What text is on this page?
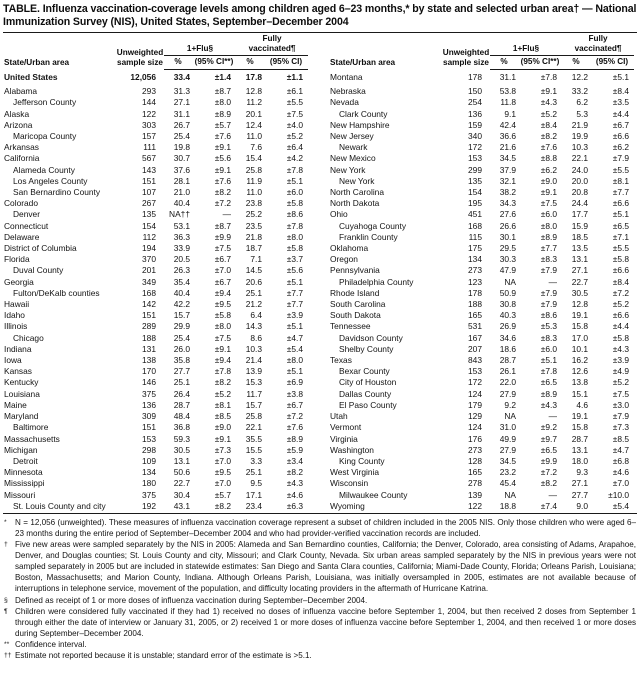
TABLE. Influenza vaccination-coverage levels among children aged 6–23 months,* by state and selected urban area† — National Immunization Survey (NIS), United States, September–December 2004
State/Urban area	Unweighted sample size	1+Flu§		Fully vaccinated¶	
		%	(95% CI**)	%	(95% CI)
United States	12,056	33.4	±1.4	17.8	±1.1
Alabama	293	31.3	±8.7	12.8	±6.1
Jefferson County	144	27.1	±8.0	11.2	±5.5
Alaska	122	31.1	±8.9	20.1	±7.5
Arizona	303	26.7	±5.7	12.4	±4.0
Maricopa County	157	25.4	±7.6	11.0	±5.2
Arkansas	111	19.8	±9.1	7.6	±6.4
California	567	30.7	±5.6	15.4	±4.2
Alameda County	143	37.6	±9.1	25.8	±7.8
Los Angeles County	151	28.1	±7.6	11.9	±5.1
San Bernardino County	107	21.0	±8.2	11.0	±6.0
Colorado	267	40.4	±7.2	23.8	±5.8
Denver	135	NA††	—	25.2	±8.6
Connecticut	154	53.1	±8.7	23.5	±7.8
Delaware	112	36.3	±9.9	21.8	±8.0
District of Columbia	194	33.9	±7.5	18.7	±5.8
Florida	370	20.5	±6.7	7.1	±3.7
Duval County	201	26.3	±7.0	14.5	±5.6
Georgia	349	35.4	±6.7	20.6	±5.1
Fulton/DeKalb counties	168	40.4	±9.4	25.1	±7.7
Hawaii	142	42.2	±9.5	21.2	±7.7
Idaho	151	15.7	±5.8	6.4	±3.9
Illinois	289	29.9	±8.0	14.3	±5.1
Chicago	188	25.4	±7.5	8.6	±4.7
Indiana	131	26.0	±9.1	10.3	±5.4
Iowa	138	35.8	±9.4	21.4	±8.0
Kansas	170	27.7	±7.8	13.9	±5.1
Kentucky	146	25.1	±8.2	15.3	±6.9
Louisiana	375	26.4	±5.2	11.7	±3.8
Maine	136	28.7	±8.1	15.7	±6.7
Maryland	309	48.4	±8.5	25.8	±7.2
Baltimore	151	36.8	±9.0	22.1	±7.6
Massachusetts	153	59.3	±9.1	35.5	±8.9
Michigan	298	30.5	±7.3	15.5	±5.9
Detroit	109	13.1	±7.0	3.3	±3.4
Minnesota	134	50.6	±9.5	25.1	±8.2
Mississippi	180	22.7	±7.0	9.5	±4.3
Missouri	375	30.4	±5.7	17.1	±4.6
St. Louis County and city	192	43.1	±8.2	23.4	±6.3
State/Urban area	Unweighted sample size	1+Flu§		Fully vaccinated¶	
		%	(95% CI**)	%	(95% CI)
Montana	178	31.1	±7.8	12.2	±5.1
Nebraska	150	53.8	±9.1	33.2	±8.4
Nevada	254	11.8	±4.3	6.2	±3.5
Clark County	136	9.1	±5.2	5.3	±4.4
New Hampshire	159	42.4	±8.4	21.9	±6.7
New Jersey	340	36.6	±8.2	19.9	±6.6
Newark	172	21.6	±7.6	10.3	±6.2
New Mexico	153	34.5	±8.8	22.1	±7.9
New York	299	37.9	±6.2	24.0	±5.5
New York	135	32.1	±9.0	20.0	±8.1
North Carolina	154	38.2	±9.1	20.8	±7.7
North Dakota	195	34.3	±7.5	24.4	±6.6
Ohio	451	27.6	±6.0	17.7	±5.1
Cuyahoga County	168	26.6	±8.0	15.9	±6.5
Franklin County	115	30.1	±8.9	18.5	±7.1
Oklahoma	175	29.5	±7.7	13.5	±5.5
Oregon	134	30.3	±8.3	13.1	±5.8
Pennsylvania	273	47.9	±7.9	27.1	±6.6
Philadelphia County	123	NA	—	22.7	±8.4
Rhode Island	178	50.9	±7.9	30.5	±7.2
South Carolina	188	30.8	±7.9	12.8	±5.2
South Dakota	165	40.3	±8.6	19.1	±6.6
Tennessee	531	26.9	±5.3	15.8	±4.4
Davidson County	167	34.6	±8.3	17.0	±5.8
Shelby County	207	18.6	±6.0	10.1	±4.3
Texas	843	28.7	±5.1	16.2	±3.9
Bexar County	153	26.1	±7.8	12.6	±4.9
City of Houston	172	22.0	±6.5	13.8	±5.2
Dallas County	124	27.9	±8.9	15.1	±7.5
El Paso County	179	9.2	±4.3	4.6	±3.0
Utah	129	NA	—	19.1	±7.9
Vermont	124	31.0	±9.2	15.8	±7.3
Virginia	176	49.9	±9.7	28.7	±8.5
Washington	273	27.9	±6.5	13.1	±4.7
King County	128	34.5	±9.9	18.0	±6.8
West Virginia	165	23.2	±7.2	9.3	±4.6
Wisconsin	278	45.4	±8.2	27.1	±7.0
Milwaukee County	139	NA	—	27.7	±10.0
Wyoming	122	18.8	±7.4	9.0	±5.4
*	N = 12,056 (unweighted). These measures of influenza vaccination coverage represent a subset of children included in the 2005 NIS. Only those children who were aged 6–23 months during the entire period of September–December 2004 and who had provider-verified vaccination records are included.
† Five new areas were sampled separately by the NIS in 2005: Alameda and San Bernardino counties, California; the Denver, Colorado, area consisting of Adams, Arapahoe, Denver, and Douglas counties; St. Louis County and city, Missouri; and Clark County, Nevada. Six urban areas sampled separately by the NIS in previous years were not sampled separately in 2005 but are included in statewide estimates: San Diego and Santa Clara counties, California; Miami-Dade County, Florida; Orleans Parish, Louisiana; Boston, Massachusetts; and Marion County, Indiana. Although Orleans Parish, Louisiana, was initially oversampled in 2005, estimates are not available because of interruptions in telephone service, movement of the population, and difficulty locating providers in the aftermath of Hurricane Katrina.
§ Defined as receipt of 1 or more doses of influenza vaccination during September–December 2004.
¶ Children were considered fully vaccinated if they had 1) received no doses of influenza vaccine before September 1, 2004, but then received 2 doses from September 1 through either the date of interview or January 31, 2005, or 2) received 1 or more doses of influenza vaccine before September 1, 2004, and then received 1 or more doses during September–December 2004.
** Confidence interval.
†† Estimate not reported because it is unstable; standard error of the estimate is >5.1.
